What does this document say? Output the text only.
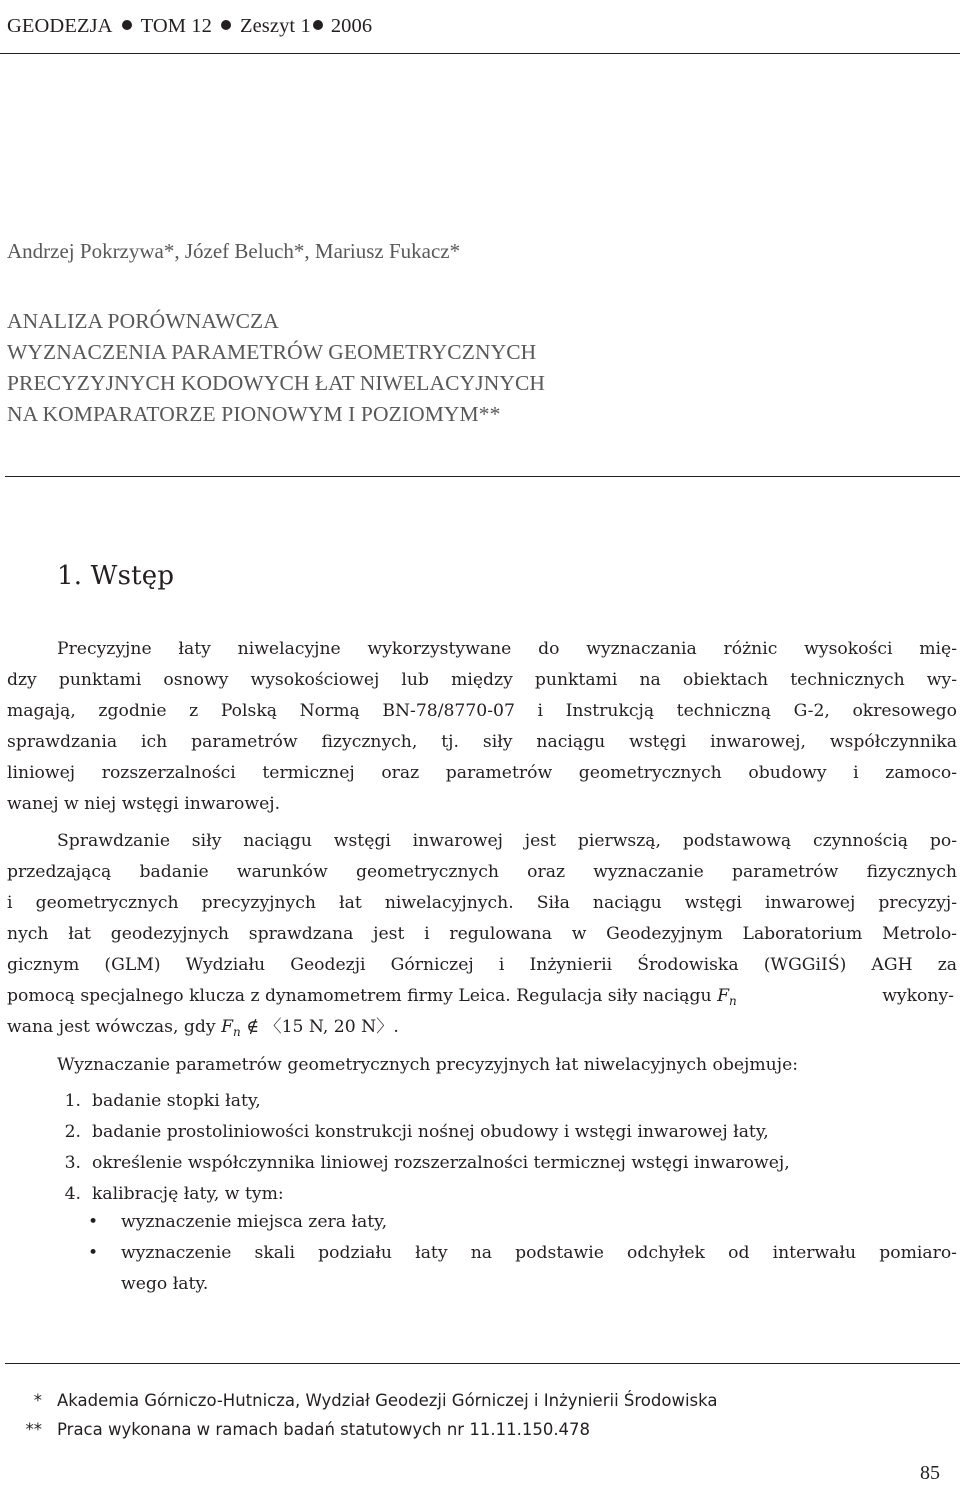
GEODEZJA TOM 12 Zeszyt 1 2006
Andrzej Pokrzywa*, Józef Beluch*, Mariusz Fukacz*
ANALIZA PORÓWNAWCZA
WYZNACZENIA PARAMETRÓW GEOMETRYCZNYCH
PRECYZYJNYCH KODOWYCH ŁAT NIWELACYJNYCH
NA KOMPARATORZE PIONOWYM I POZIOMYM**
1. Wstęp
Precyzyjne łaty niwelacyjne wykorzystywane do wyznaczania różnic wysokości mię-
dzy punktami osnowy wysokościowej lub między punktami na obiektach technicznych wy-
magają, zgodnie z Polską Normą BN-78/8770-07 i Instrukcją techniczną G-2, okresowego
sprawdzania ich parametrów fizycznych, tj. siły naciągu wstęgi inwarowej, współczynnika
liniowej rozszerzalności termicznej oraz parametrów geometrycznych obudowy i zamoco-
wanej w niej wstęgi inwarowej.
Sprawdzanie siły naciągu wstęgi inwarowej jest pierwszą, podstawową czynnością po-
przedzającą badanie warunków geometrycznych oraz wyznaczanie parametrów fizycznych
i geometrycznych precyzyjnych łat niwelacyjnych. Siła naciągu wstęgi inwarowej precyzyj-
nych łat geodezyjnych sprawdzana jest i regulowana w Geodezyjnym Laboratorium Metrolo-
gicznym (GLM) Wydziału Geodezji Górniczej i Inżynierii Środowiska (WGGiIŚ) AGH za
pomocą specjalnego klucza z dynamometrem firmy Leica. Regulacja siły naciągu $F_n$	wykony-
wana jest wówczas, gdy $F_n$ ∉ 〈15 N, 20 N〉.
Wyznaczanie parametrów geometrycznych precyzyjnych łat niwelacyjnych obejmuje:
1. badanie stopki łaty,
2. badanie prostoliniowości konstrukcji nośnej obudowy i wstęgi inwarowej łaty,
3. określenie współczynnika liniowej rozszerzalności termicznej wstęgi inwarowej,
4. kalibrację łaty, w tym:
• wyznaczenie miejsca zera łaty,
• wyznaczenie skali podziału łaty na podstawie odchyłek od interwału pomiaro-
wego łaty.
* Akademia Górniczo-Hutnicza, Wydział Geodezji Górniczej i Inżynierii Środowiska
** Praca wykonana w ramach badań statutowych nr 11.11.150.478
85
